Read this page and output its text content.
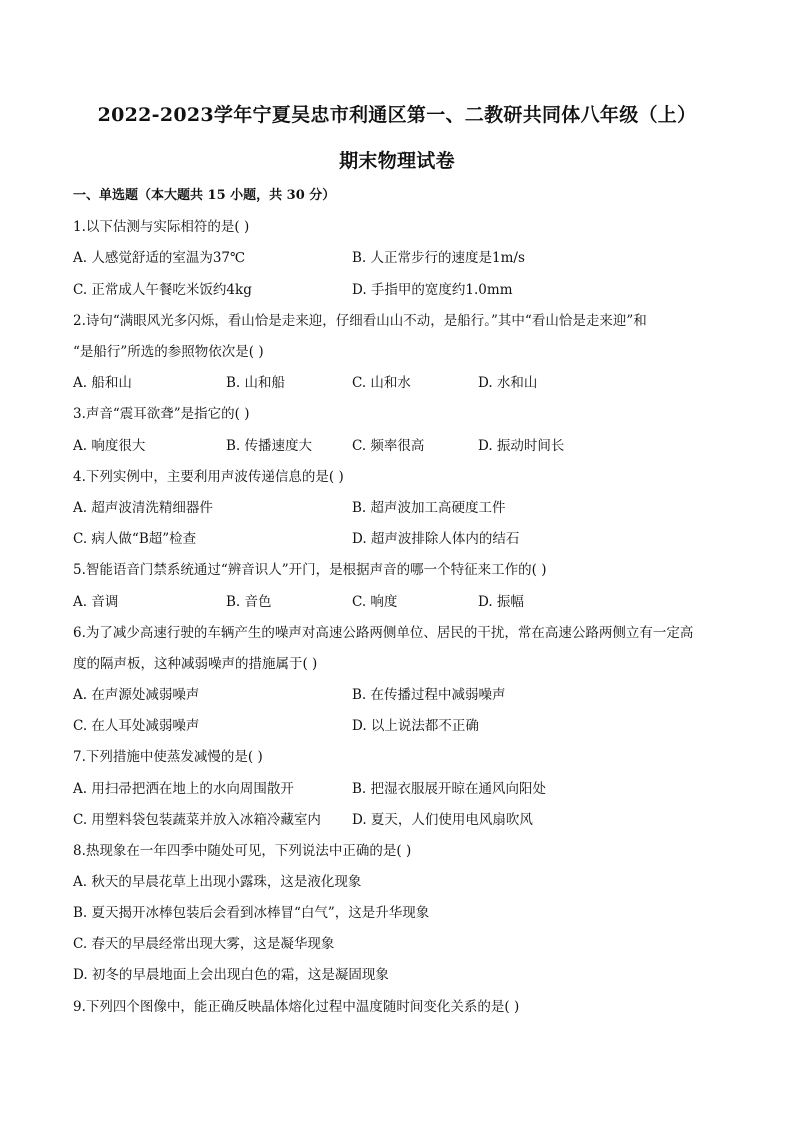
2022-2023学年宁夏吴忠市利通区第一、二教研共同体八年级（上）
期末物理试卷
一、单选题（本大题共 15 小题，共 30 分）
1.以下估测与实际相符的是( )
A. 人感觉舒适的室温为37℃	B. 人正常步行的速度是1m/s
C. 正常成人午餐吃米饭约4kg	D. 手指甲的宽度约1.0mm
2.诗句“满眼风光多闪烁，看山恰是走来迎，仔细看山山不动，是船行。”其中“看山恰是走来迎”和
“是船行”所选的参照物依次是( )
A. 船和山	B. 山和船	C. 山和水	D. 水和山
3.声音“震耳欲聋”是指它的( )
A. 响度很大	B. 传播速度大	C. 频率很高	D. 振动时间长
4.下列实例中，主要利用声波传递信息的是( )
A. 超声波清洗精细器件	B. 超声波加工高硬度工件
C. 病人做“B超”检查	D. 超声波排除人体内的结石
5.智能语音门禁系统通过“辨音识人”开门，是根据声音的哪一个特征来工作的( )
A. 音调	B. 音色	C. 响度	D. 振幅
6.为了减少高速行驶的车辆产生的噪声对高速公路两侧单位、居民的干扰，常在高速公路两侧立有一定高
度的隔声板，这种减弱噪声的措施属于( )
A. 在声源处减弱噪声	B. 在传播过程中减弱噪声
C. 在人耳处减弱噪声	D. 以上说法都不正确
7.下列措施中使蒸发减慢的是( )
A. 用扫帚把洒在地上的水向周围散开	B. 把湿衣服展开晾在通风向阳处
C. 用塑料袋包装蔬菜并放入冰箱冷藏室内 D. 夏天，人们使用电风扇吹风
8.热现象在一年四季中随处可见，下列说法中正确的是( )
A. 秋天的早晨花草上出现小露珠，这是液化现象
B. 夏天揭开冰棒包装后会看到冰棒冒“白气”，这是升华现象
C. 春天的早晨经常出现大雾，这是凝华现象
D. 初冬的早晨地面上会出现白色的霜，这是凝固现象
9.下列四个图像中，能正确反映晶体熔化过程中温度随时间变化关系的是( )
